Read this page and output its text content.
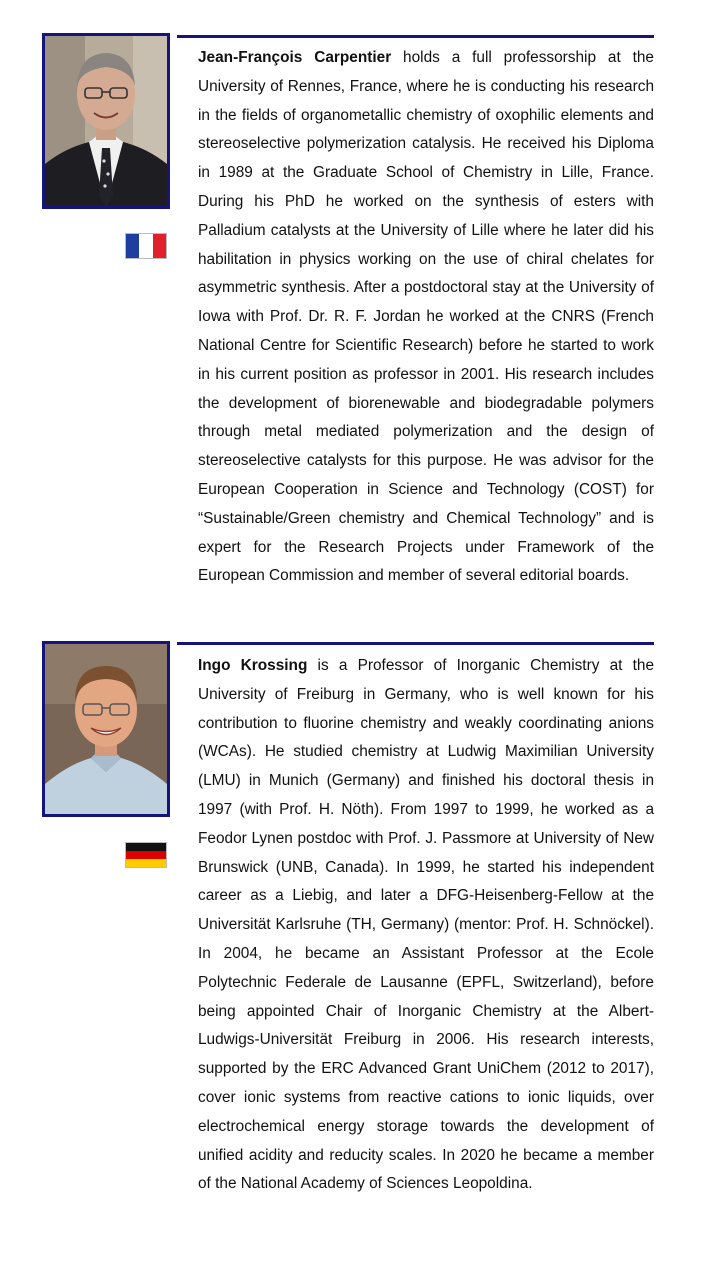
Jean-François Carpentier holds a full professorship at the University of Rennes, France, where he is conducting his research in the fields of organometallic chemistry of oxophilic elements and stereoselective polymerization catalysis. He received his Diploma in 1989 at the Graduate School of Chemistry in Lille, France. During his PhD he worked on the synthesis of esters with Palladium catalysts at the University of Lille where he later did his habilitation in physics working on the use of chiral chelates for asymmetric synthesis. After a postdoctoral stay at the University of Iowa with Prof. Dr. R. F. Jordan he worked at the CNRS (French National Centre for Scientific Research) before he started to work in his current position as professor in 2001. His research includes the development of biorenewable and biodegradable polymers through metal mediated polymerization and the design of stereoselective catalysts for this purpose. He was advisor for the European Cooperation in Science and Technology (COST) for “Sustainable/Green chemistry and Chemical Technology” and is expert for the Research Projects under Framework of the European Commission and member of several editorial boards.

Ingo Krossing is a Professor of Inorganic Chemistry at the University of Freiburg in Germany, who is well known for his contribution to fluorine chemistry and weakly coordinating anions (WCAs). He studied chemistry at Ludwig Maximilian University (LMU) in Munich (Germany) and finished his doctoral thesis in 1997 (with Prof. H. Nöth). From 1997 to 1999, he worked as a Feodor Lynen postdoc with Prof. J. Passmore at University of New Brunswick (UNB, Canada). In 1999, he started his independent career as a Liebig, and later a DFG-Heisenberg-Fellow at the Universität Karlsruhe (TH, Germany) (mentor: Prof. H. Schnöckel). In 2004, he became an Assistant Professor at the Ecole Polytechnic Federale de Lausanne (EPFL, Switzerland), before being appointed Chair of Inorganic Chemistry at the Albert-Ludwigs-Universität Freiburg in 2006. His research interests, supported by the ERC Advanced Grant UniChem (2012 to 2017), cover ionic systems from reactive cations to ionic liquids, over electrochemical energy storage towards the development of unified acidity and reducity scales. In 2020 he became a member of the National Academy of Sciences Leopoldina.
